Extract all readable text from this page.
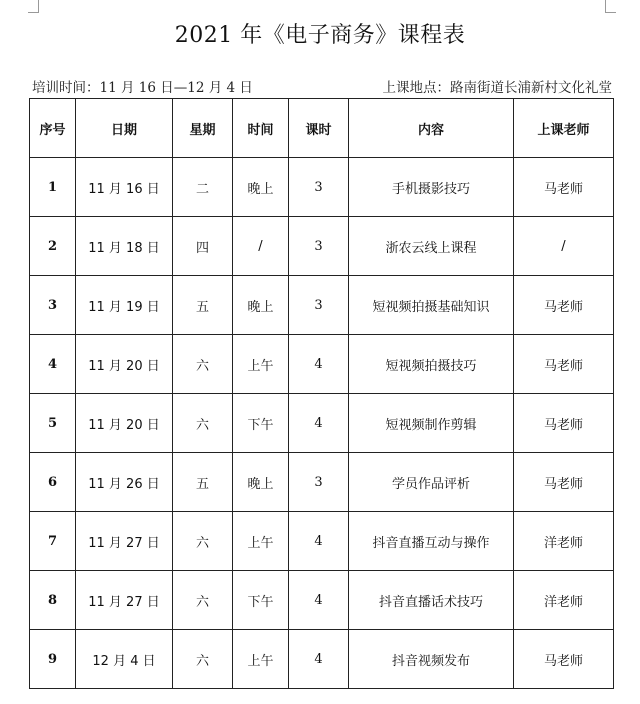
2021 年《电子商务》课程表
培训时间：11 月 16 日—12 月 4 日	上课地点：路南街道长浦新村文化礼堂
序号	日期	星期	时间	课时	内容	上课老师
1	11 月 16 日	二	晚上	3	手机摄影技巧	马老师
2	11 月 18 日	四	/	3	浙农云线上课程	/
3	11 月 19 日	五	晚上	3	短视频拍摄基础知识	马老师
4	11 月 20 日	六	上午	4	短视频拍摄技巧	马老师
5	11 月 20 日	六	下午	4	短视频制作剪辑	马老师
6	11 月 26 日	五	晚上	3	学员作品评析	马老师
7	11 月 27 日	六	上午	4	抖音直播互动与操作	洋老师
8	11 月 27 日	六	下午	4	抖音直播话术技巧	洋老师
9	12 月 4 日	六	上午	4	抖音视频发布	马老师
